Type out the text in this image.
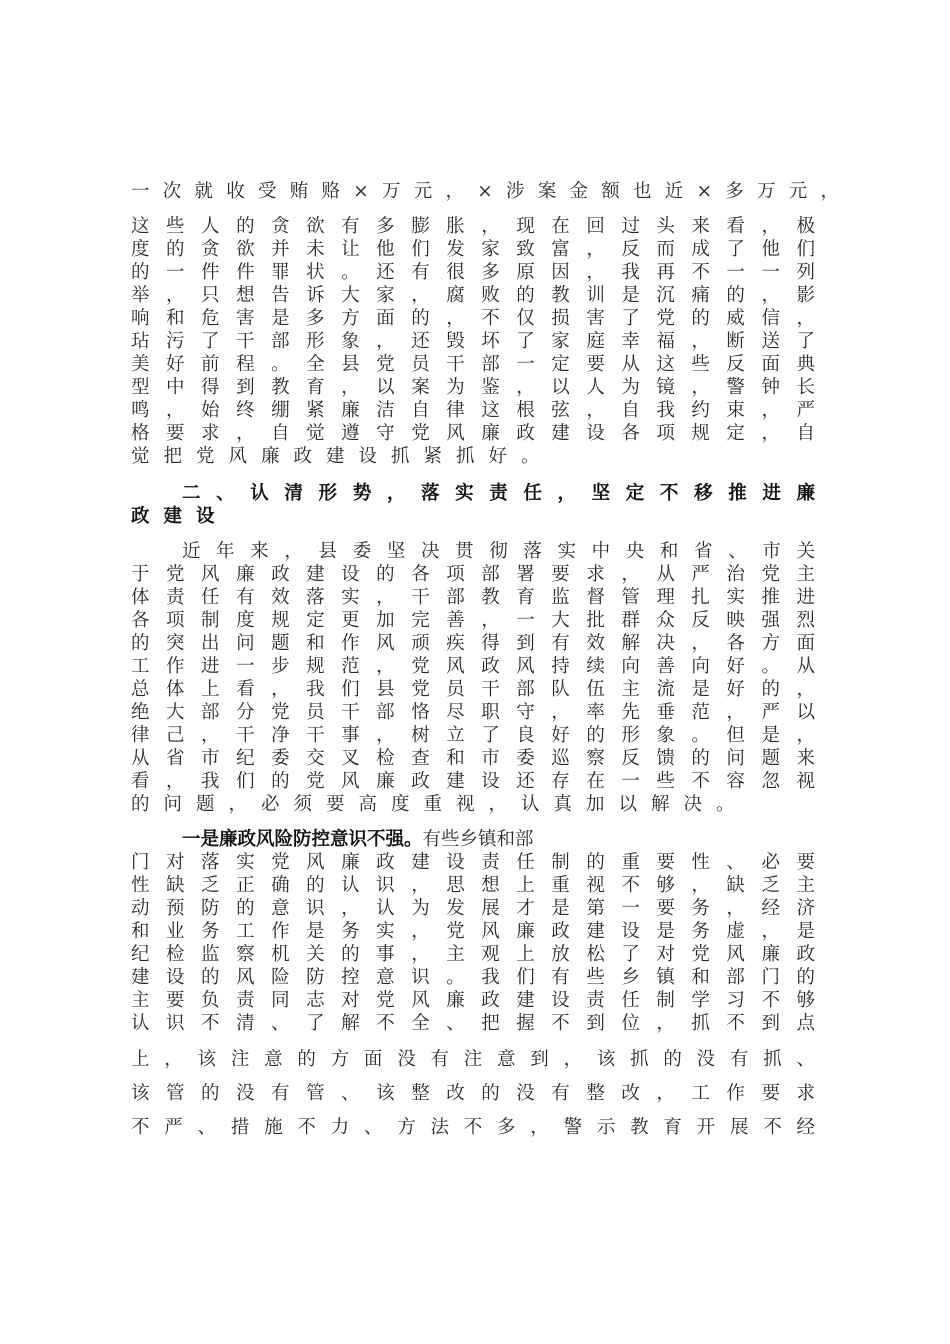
一次就收受贿赂×万元，×涉案金额也近×多万元，
这些人的贪欲有多膨胀，现在回过头来看，极
度的贪欲并未让他们发家致富，反而成了他们
的一件件罪状。还有很多原因，我再不一一列
举，只想告诉大家，腐败的教训是沉痛的，影
响和危害是多方面的，不仅损害了党的威信，
玷污了干部形象，还毁坏了家庭幸福，断送了
美好前程。全县党员干部一定要从这些反面典
型中得到教育，以案为鉴，以人为镜，警钟长
鸣，始终绷紧廉洁自律这根弦，自我约束，严
格要求，自觉遵守党风廉政建设各项规定，自
觉把党风廉政建设抓紧抓好。
二、认清形势，落实责任，坚定不移推进廉
政建设
近年来，县委坚决贯彻落实中央和省、市关
于党风廉政建设的各项部署要求，从严治党主
体责任有效落实，干部教育监督管理扎实推进
各项制度规定更加完善，一大批群众反映强烈
的突出问题和作风顽疾得到有效解决，各方面
工作进一步规范，党风政风持续向善向好。从
总体上看，我们县党员干部队伍主流是好的，
绝大部分党员干部恪尽职守，率先垂范，严以
律己，干净干事，树立了良好的形象。但是，
从省市纪委交叉检查和市委巡察反馈的问题来
看，我们的党风廉政建设还存在一些不容忽视
的问题，必须要高度重视，认真加以解决。
一是廉政风险防控意识不强。有些乡镇和部
门对落实党风廉政建设责任制的重要性、必要
性缺乏正确的认识，思想上重视不够，缺乏主
动预防的意识，认为发展才是第一要务，经济
和业务工作是务实，党风廉政建设是务虚，是
纪检监察机关的事，主观上放松了对党风廉政
建设的风险防控意识。我们有些乡镇和部门的
主要负责同志对党风廉政建设责任制学习不够
认识不清、了解不全、把握不到位，抓不到点
上，该注意的方面没有注意到，该抓的没有抓、
该管的没有管、该整改的没有整改，工作要求
不严、措施不力、方法不多，警示教育开展不经
